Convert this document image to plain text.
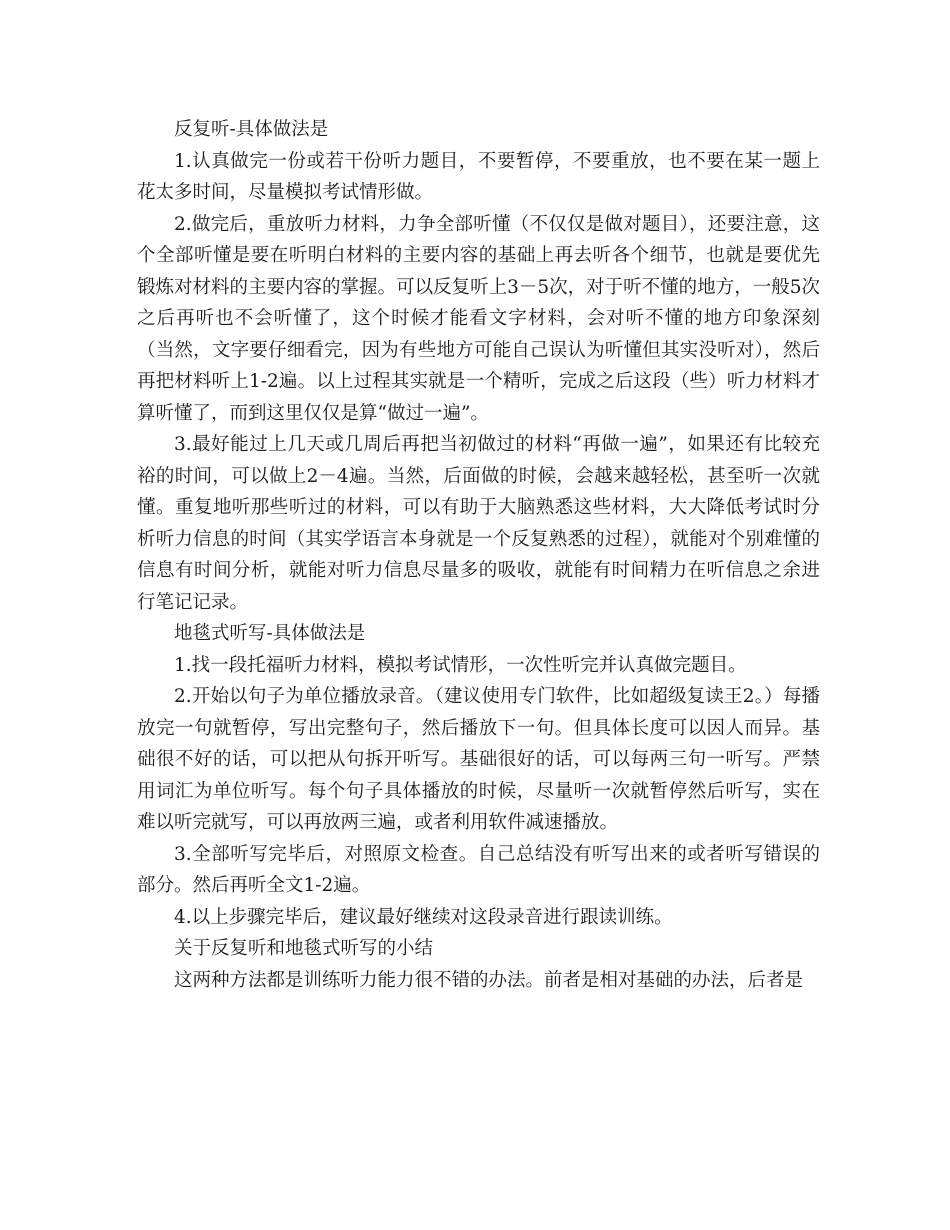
反复听-具体做法是

1.认真做完一份或若干份听力题目，不要暂停，不要重放，也不要在某一题上花太多时间，尽量模拟考试情形做。

2.做完后，重放听力材料，力争全部听懂（不仅仅是做对题目），还要注意，这个全部听懂是要在听明白材料的主要内容的基础上再去听各个细节，也就是要优先锻炼对材料的主要内容的掌握。可以反复听上3－5次，对于听不懂的地方，一般5次之后再听也不会听懂了，这个时候才能看文字材料，会对听不懂的地方印象深刻（当然，文字要仔细看完，因为有些地方可能自己误认为听懂但其实没听对），然后再把材料听上1-2遍。以上过程其实就是一个精听，完成之后这段（些）听力材料才算听懂了，而到这里仅仅是算“做过一遍”。

3.最好能过上几天或几周后再把当初做过的材料“再做一遍”，如果还有比较充裕的时间，可以做上2－4遍。当然，后面做的时候，会越来越轻松，甚至听一次就懂。重复地听那些听过的材料，可以有助于大脑熟悉这些材料，大大降低考试时分析听力信息的时间（其实学语言本身就是一个反复熟悉的过程），就能对个别难懂的信息有时间分析，就能对听力信息尽量多的吸收，就能有时间精力在听信息之余进行笔记记录。

地毯式听写-具体做法是

1.找一段托福听力材料，模拟考试情形，一次性听完并认真做完题目。

2.开始以句子为单位播放录音。（建议使用专门软件，比如超级复读王2。）每播放完一句就暂停，写出完整句子，然后播放下一句。但具体长度可以因人而异。基础很不好的话，可以把从句拆开听写。基础很好的话，可以每两三句一听写。严禁用词汇为单位听写。每个句子具体播放的时候，尽量听一次就暂停然后听写，实在难以听完就写，可以再放两三遍，或者利用软件减速播放。

3.全部听写完毕后，对照原文检查。自己总结没有听写出来的或者听写错误的部分。然后再听全文1-2遍。

4.以上步骤完毕后，建议最好继续对这段录音进行跟读训练。

关于反复听和地毯式听写的小结

这两种方法都是训练听力能力很不错的办法。前者是相对基础的办法，后者是
